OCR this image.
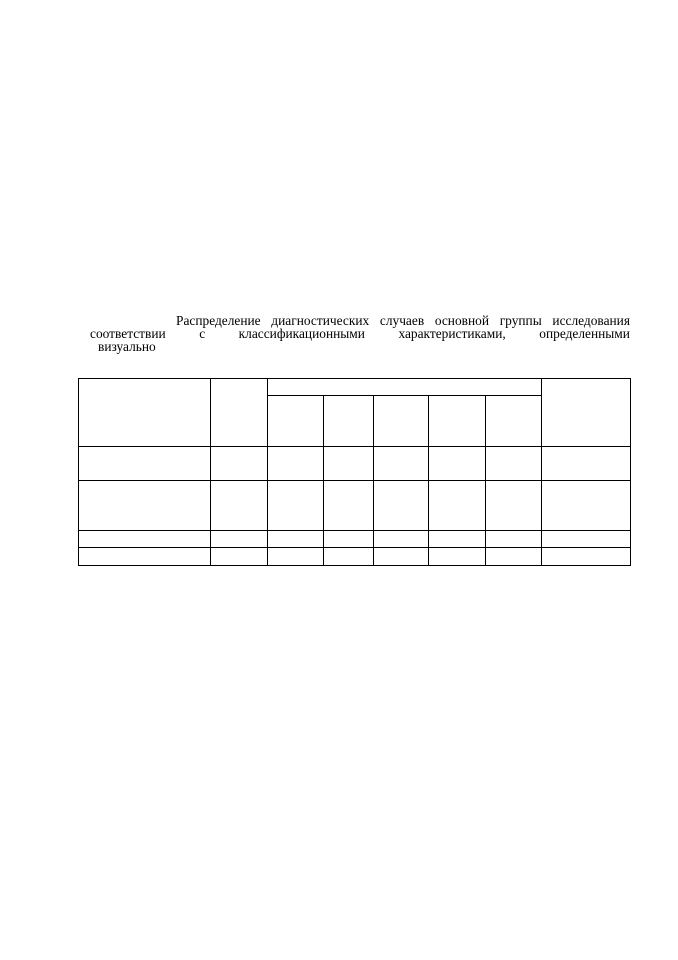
Распределение диагностических случаев основной группы исследования
соответствии	с	классификационными	характеристиками,	определенными
визуально
